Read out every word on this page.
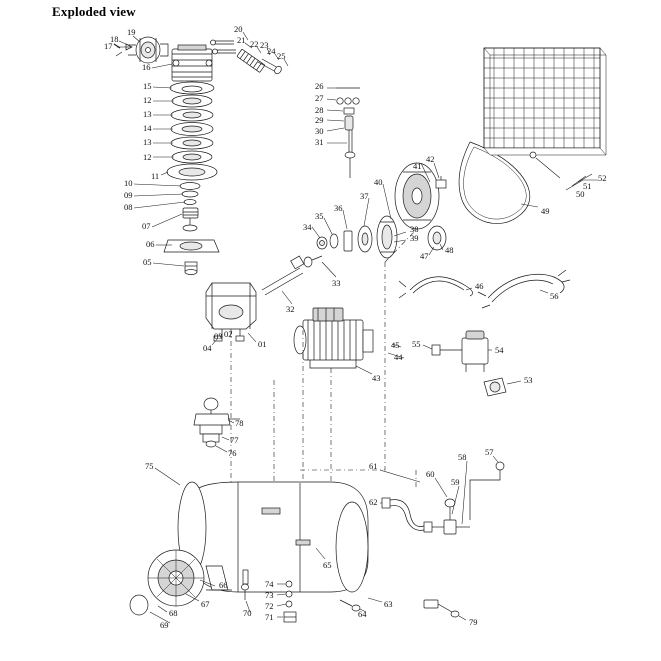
Exploded view
17
18
19
16
15
12
13
14
13
12
11
10
09
08
07
06
05
04
03 02
01
20
21 22 23
24 25
26
27
28
29
30
31
34
35
36
37
38
39
40
41
42
47
48
46
49
50
51
52
56
32
33
43
44
45 55
54
53
78
77
76
75	61
62
60
59
58 57
66
67
68
69
70 71
72
73
74
65
64
63
79
